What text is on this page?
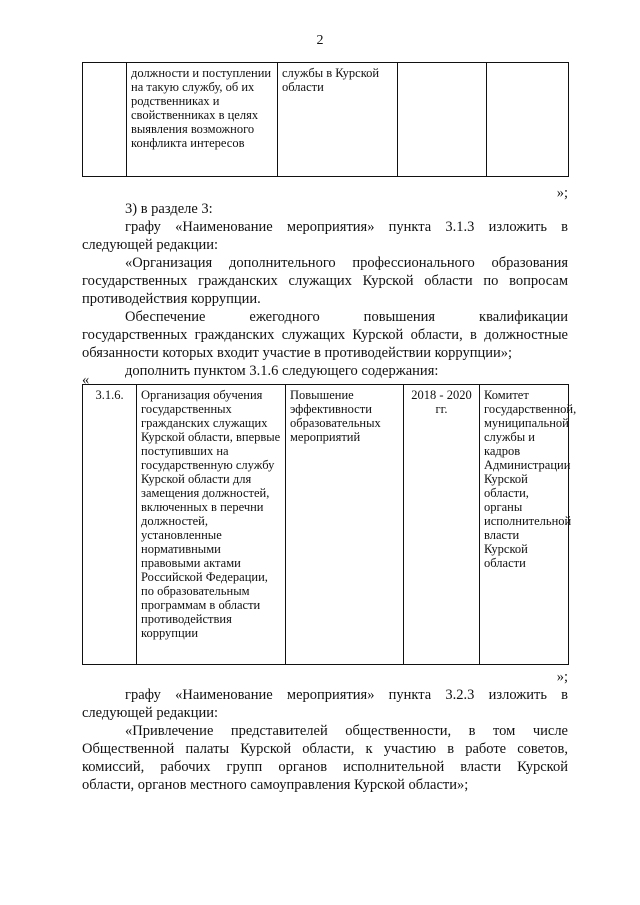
2
	должности и поступлении на такую службу, об их родственниках и свойственниках в целях выявления возможного конфликта интересов	службы в Курской области		
»;
3) в разделе 3:
графу «Наименование мероприятия» пункта 3.1.3 изложить в
следующей редакции:
«Организация дополнительного профессионального образования
государственных гражданских служащих Курской области по вопросам
противодействия коррупции.
Обеспечение ежегодного повышения квалификации
государственных гражданских служащих Курской области, в должностные
обязанности которых входит участие в противодействии коррупции»;
дополнить пунктом 3.1.6 следующего содержания:
«
3.1.6.	Организация обучения государственных гражданских служащих Курской области, впервые поступивших на государственную службу Курской области для замещения должностей, включенных в перечни должностей, установленные нормативными правовыми актами Российской Федерации, по образовательным программам в области противодействия коррупции	Повышение эффективности образовательных мероприятий	2018 - 2020 гг.	Комитет государственной, муниципальной службы и кадров Администрации Курской области, органы исполнительной власти Курской области
»;
графу «Наименование мероприятия» пункта 3.2.3 изложить в
следующей редакции:
«Привлечение представителей общественности, в том числе
Общественной палаты Курской области, к участию в работе советов,
комиссий, рабочих групп органов исполнительной власти Курской
области, органов местного самоуправления Курской области»;
